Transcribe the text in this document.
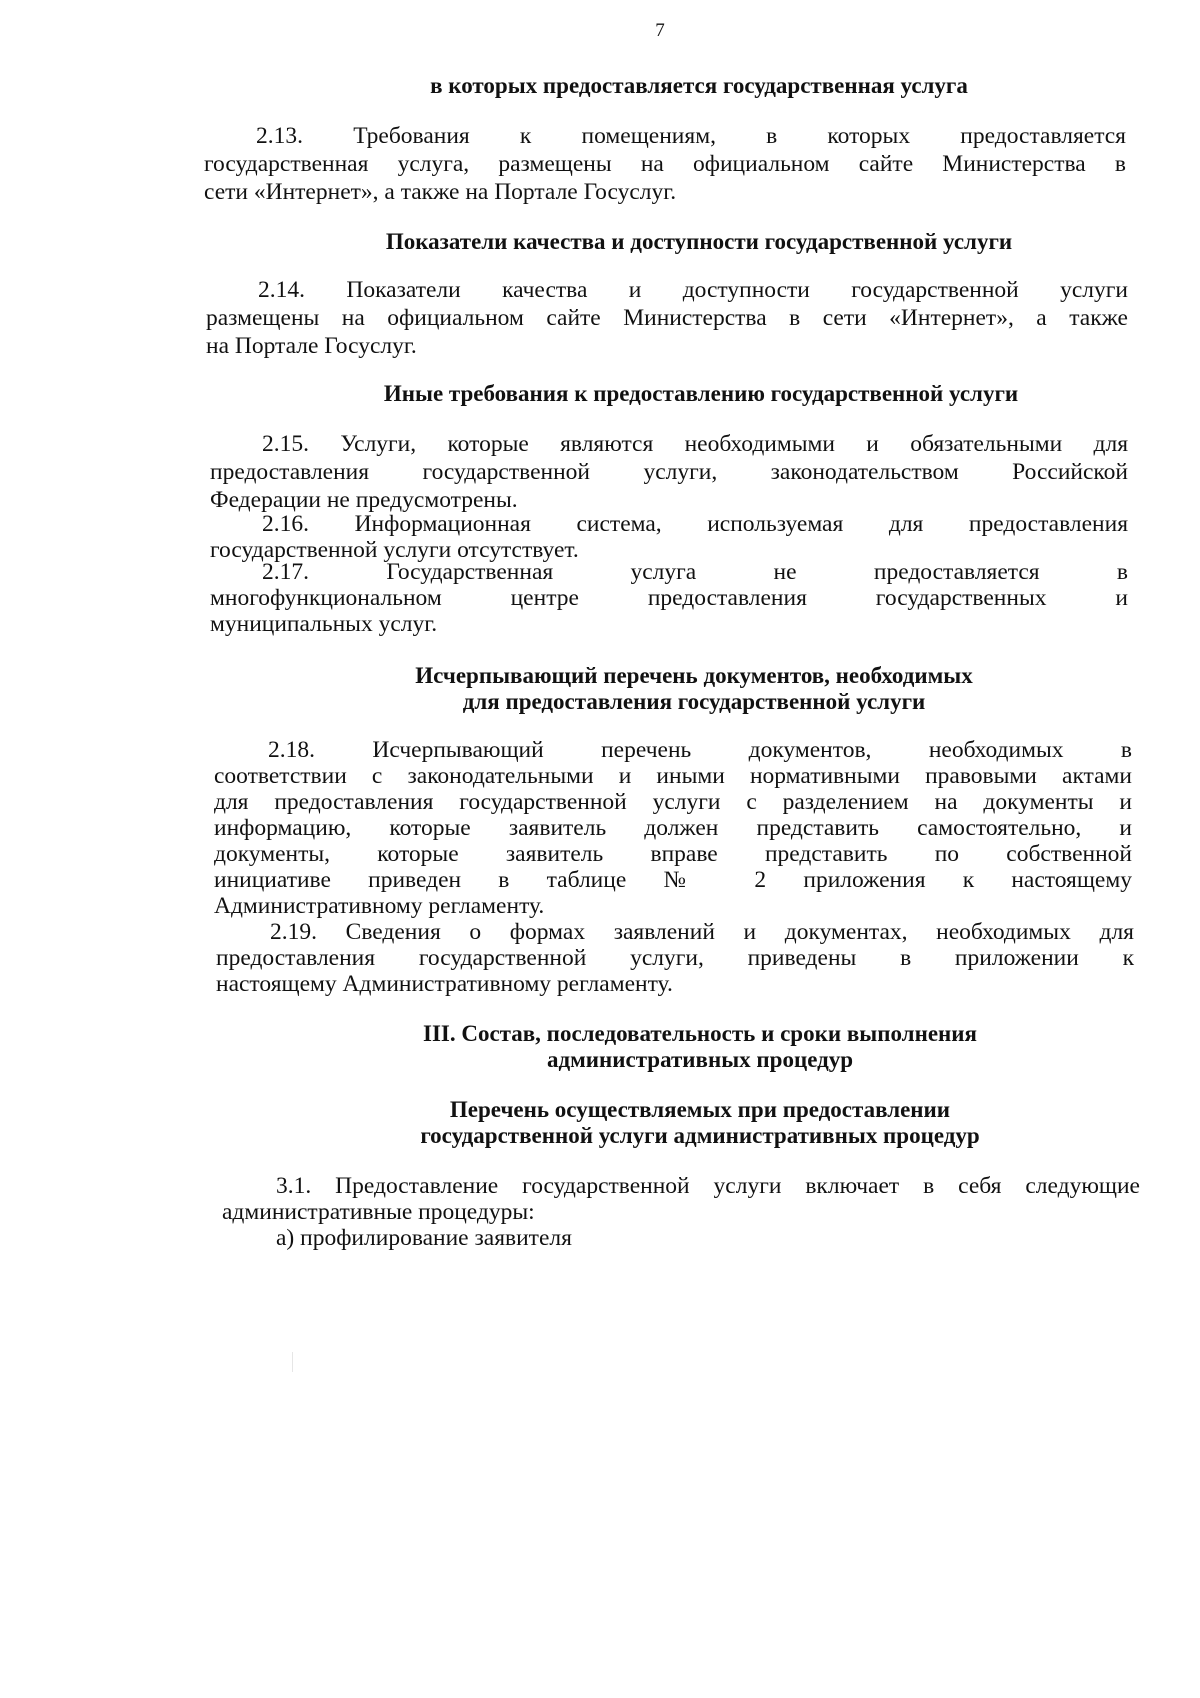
7
в которых предоставляется государственная услуга
2.13. Требования к помещениям, в которых предоставляется
государственная услуга, размещены на официальном сайте Министерства в
сети «Интернет», а также на Портале Госуслуг.
Показатели качества и доступности государственной услуги
2.14. Показатели качества и доступности государственной услуги
размещены на официальном сайте Министерства в сети «Интернет», а также
на Портале Госуслуг.
Иные требования к предоставлению государственной услуги
2.15. Услуги, которые являются необходимыми и обязательными для
предоставления государственной услуги, законодательством Российской
Федерации не предусмотрены.
2.16. Информационная система, используемая для предоставления
государственной услуги отсутствует.
2.17. Государственная услуга не предоставляется в
многофункциональном центре предоставления государственных и
муниципальных услуг.
Исчерпывающий перечень документов, необходимых
для предоставления государственной услуги
2.18. Исчерпывающий перечень документов, необходимых в
соответствии с законодательными и иными нормативными правовыми актами
для предоставления государственной услуги с разделением на документы и
информацию, которые заявитель должен представить самостоятельно, и
документы, которые заявитель вправе представить по собственной
инициативе приведен в таблице № 2 приложения к настоящему
Административному регламенту.
2.19. Сведения о формах заявлений и документах, необходимых для
предоставления государственной услуги, приведены в приложении к
настоящему Административному регламенту.
III. Состав, последовательность и сроки выполнения
административных процедур
Перечень осуществляемых при предоставлении
государственной услуги административных процедур
3.1. Предоставление государственной услуги включает в себя следующие
административные процедуры:
а) профилирование заявителя
